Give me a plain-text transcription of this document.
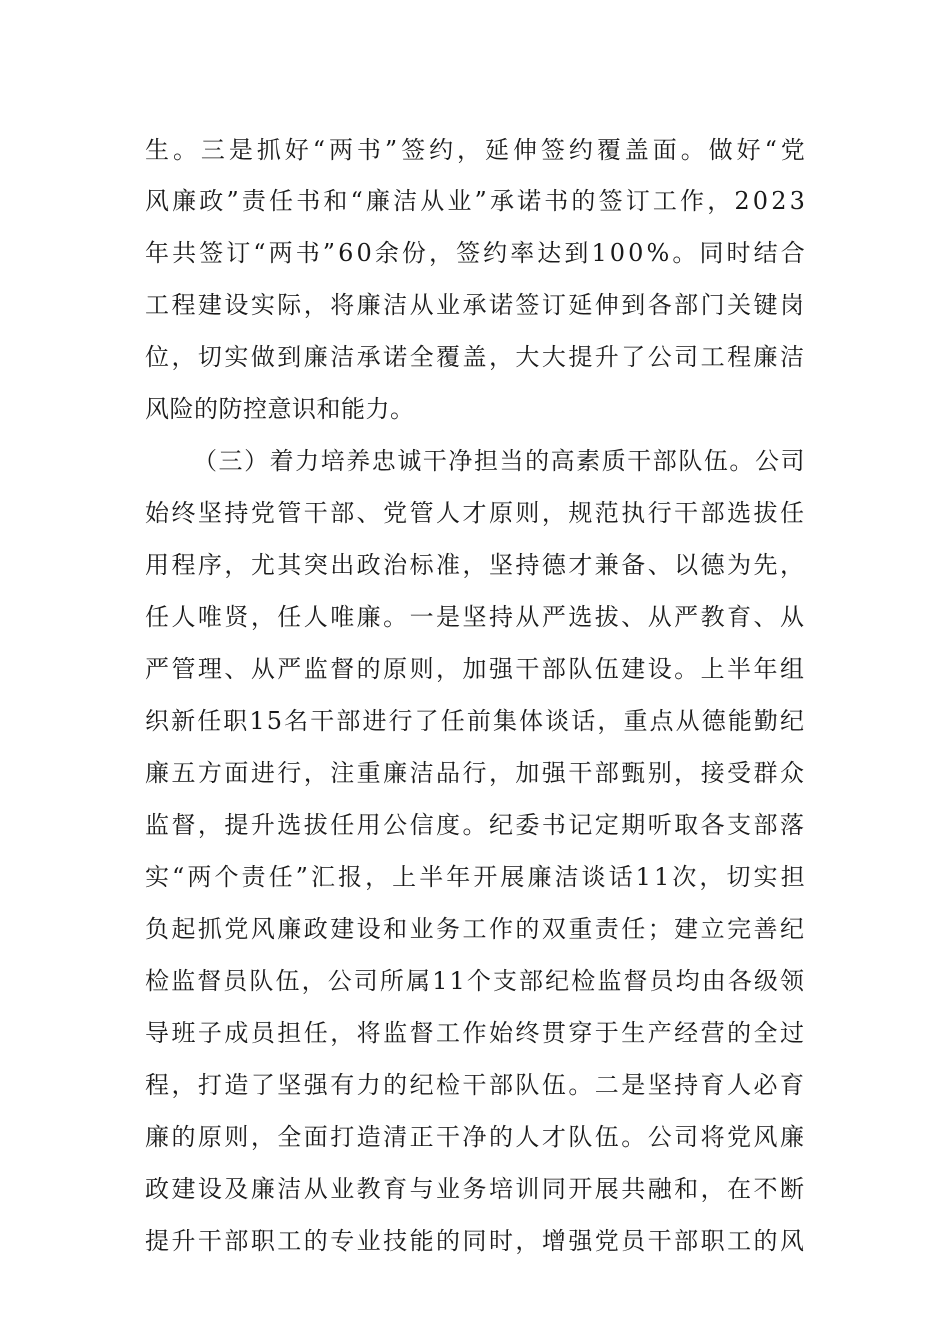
生。三是抓好“两书”签约，延伸签约覆盖面。做好“党
风廉政”责任书和“廉洁从业”承诺书的签订工作，2023
年共签订“两书”60余份，签约率达到100%。同时结合
工程建设实际，将廉洁从业承诺签订延伸到各部门关键岗
位，切实做到廉洁承诺全覆盖，大大提升了公司工程廉洁
风险的防控意识和能力。
（三）着力培养忠诚干净担当的高素质干部队伍。公司
始终坚持党管干部、党管人才原则，规范执行干部选拔任
用程序，尤其突出政治标准，坚持德才兼备、以德为先，
任人唯贤，任人唯廉。一是坚持从严选拔、从严教育、从
严管理、从严监督的原则，加强干部队伍建设。上半年组
织新任职15名干部进行了任前集体谈话，重点从德能勤纪
廉五方面进行，注重廉洁品行，加强干部甄别，接受群众
监督，提升选拔任用公信度。纪委书记定期听取各支部落
实“两个责任”汇报，上半年开展廉洁谈话11次，切实担
负起抓党风廉政建设和业务工作的双重责任；建立完善纪
检监督员队伍，公司所属11个支部纪检监督员均由各级领
导班子成员担任，将监督工作始终贯穿于生产经营的全过
程，打造了坚强有力的纪检干部队伍。二是坚持育人必育
廉的原则，全面打造清正干净的人才队伍。公司将党风廉
政建设及廉洁从业教育与业务培训同开展共融和，在不断
提升干部职工的专业技能的同时，增强党员干部职工的风
